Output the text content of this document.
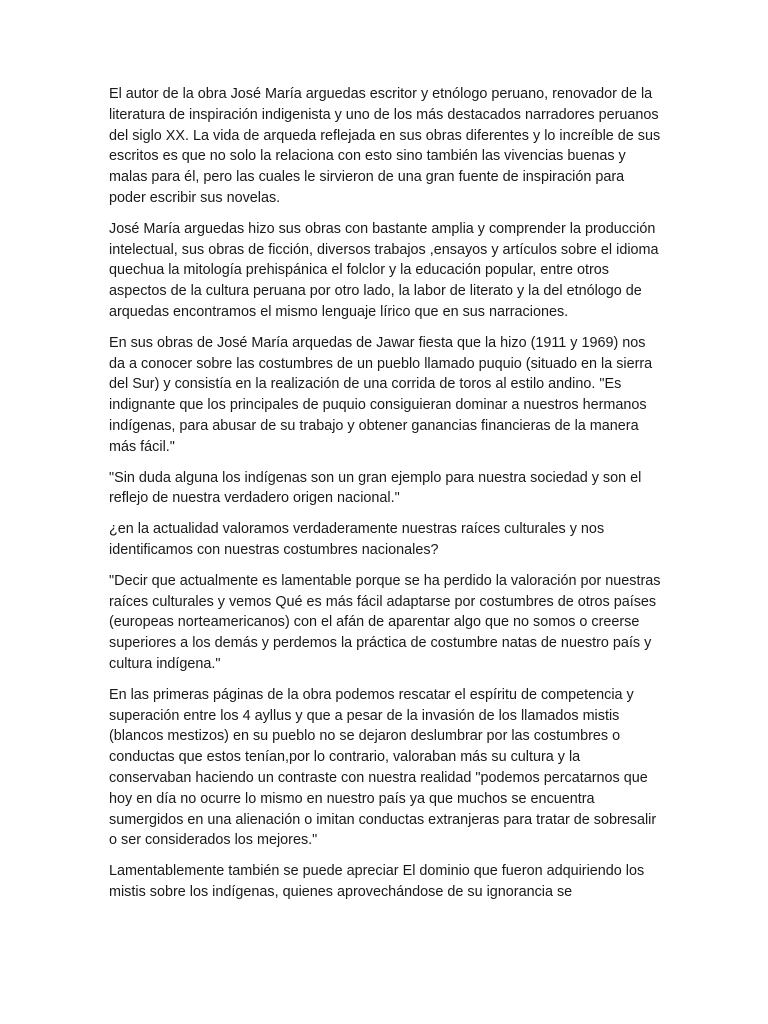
El autor de la obra José María arguedas escritor y etnólogo peruano, renovador de la literatura de inspiración indigenista y uno de los más destacados narradores peruanos del siglo XX. La vida de arqueda reflejada en sus obras diferentes y lo increíble de sus escritos es que no solo la relaciona con esto sino también las vivencias buenas y malas para él, pero las cuales le sirvieron de una gran fuente de inspiración para poder escribir sus novelas.

José María arguedas hizo sus obras con bastante amplia y comprender la producción intelectual, sus obras de ficción, diversos trabajos ,ensayos y artículos sobre el idioma quechua la mitología prehispánica el folclor y la educación popular, entre otros aspectos de la cultura peruana por otro lado, la labor de literato y la del etnólogo de arquedas encontramos el mismo lenguaje lírico que en sus narraciones.

En sus obras de José María arquedas de Jawar fiesta que la hizo (1911 y 1969) nos da a conocer sobre las costumbres de un pueblo llamado puquio (situado en la sierra del Sur) y consistía en la realización de una corrida de toros al estilo andino. "Es indignante que los principales de puquio consiguieran dominar a nuestros hermanos indígenas, para abusar de su trabajo y obtener ganancias financieras de la manera más fácil."

"Sin duda alguna los indígenas son un gran ejemplo para nuestra sociedad y son el reflejo de nuestra verdadero origen nacional."

¿en la actualidad valoramos verdaderamente nuestras raíces culturales y nos identificamos con nuestras costumbres nacionales?

"Decir que actualmente es lamentable porque se ha perdido la valoración por nuestras raíces culturales y vemos Qué es más fácil adaptarse por costumbres de otros países (europeas norteamericanos) con el afán de aparentar algo que no somos o creerse superiores a los demás y perdemos la práctica de costumbre natas de nuestro país y cultura indígena."

En las primeras páginas de la obra podemos rescatar el espíritu de competencia y superación entre los 4 ayllus y que a pesar de la invasión de los llamados mistis (blancos mestizos) en su pueblo no se dejaron deslumbrar por las costumbres o conductas que estos tenían,por lo contrario, valoraban más su cultura y la conservaban haciendo un contraste con nuestra realidad "podemos percatarnos que hoy en día no ocurre lo mismo en nuestro país ya que muchos se encuentra sumergidos en una alienación o imitan conductas extranjeras para tratar de sobresalir o ser considerados los mejores."

Lamentablemente también se puede apreciar El dominio que fueron adquiriendo los mistis sobre los indígenas, quienes aprovechándose de su ignorancia se
